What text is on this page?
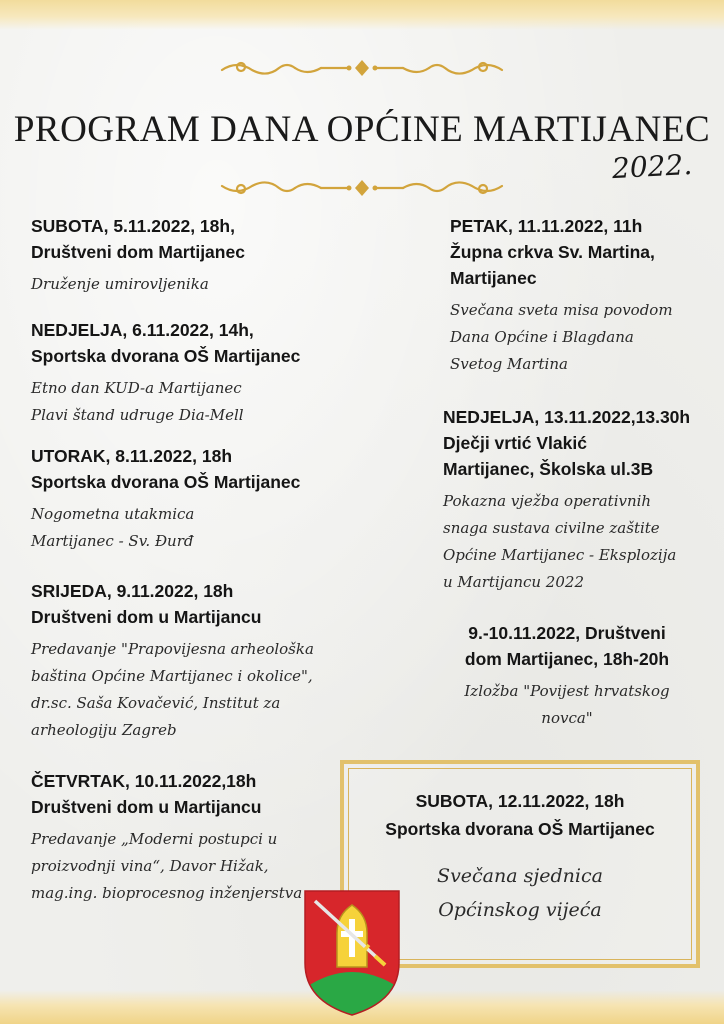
PROGRAM DANA OPĆINE MARTIJANEC
2022.

SUBOTA, 5.11.2022, 18h,
Društveni dom Martijanec

Druženje umirovljenika

NEDJELJA, 6.11.2022, 14h,
Sportska dvorana OŠ Martijanec

Etno dan KUD-a Martijanec
Plavi štand udruge Dia-Mell

UTORAK, 8.11.2022, 18h
Sportska dvorana OŠ Martijanec

Nogometna utakmica
Martijanec - Sv. Đurđ

SRIJEDA, 9.11.2022, 18h
Društveni dom u Martijancu

Predavanje "Prapovijesna arheološka
baština Općine Martijanec i okolice",
dr.sc. Saša Kovačević, Institut za
arheologiju Zagreb

ČETVRTAK, 10.11.2022,18h
Društveni dom u Martijancu

Predavanje „Moderni postupci u
proizvodnji vina“, Davor Hižak,
mag.ing. bioprocesnog inženjerstva

PETAK, 11.11.2022, 11h
Župna crkva Sv. Martina,
Martijanec

Svečana sveta misa povodom
Dana Općine i Blagdana
Svetog Martina

NEDJELJA, 13.11.2022,13.30h
Dječji vrtić Vlakić
Martijanec, Školska ul.3B

Pokazna vježba operativnih
snaga sustava civilne zaštite
Općine Martijanec - Eksplozija
u Martijancu 2022

9.-10.11.2022, Društveni
dom Martijanec, 18h-20h

Izložba "Povijest hrvatskog
novca"

SUBOTA, 12.11.2022, 18h
Sportska dvorana OŠ Martijanec
Svečana sjednica
Općinskog vijeća
